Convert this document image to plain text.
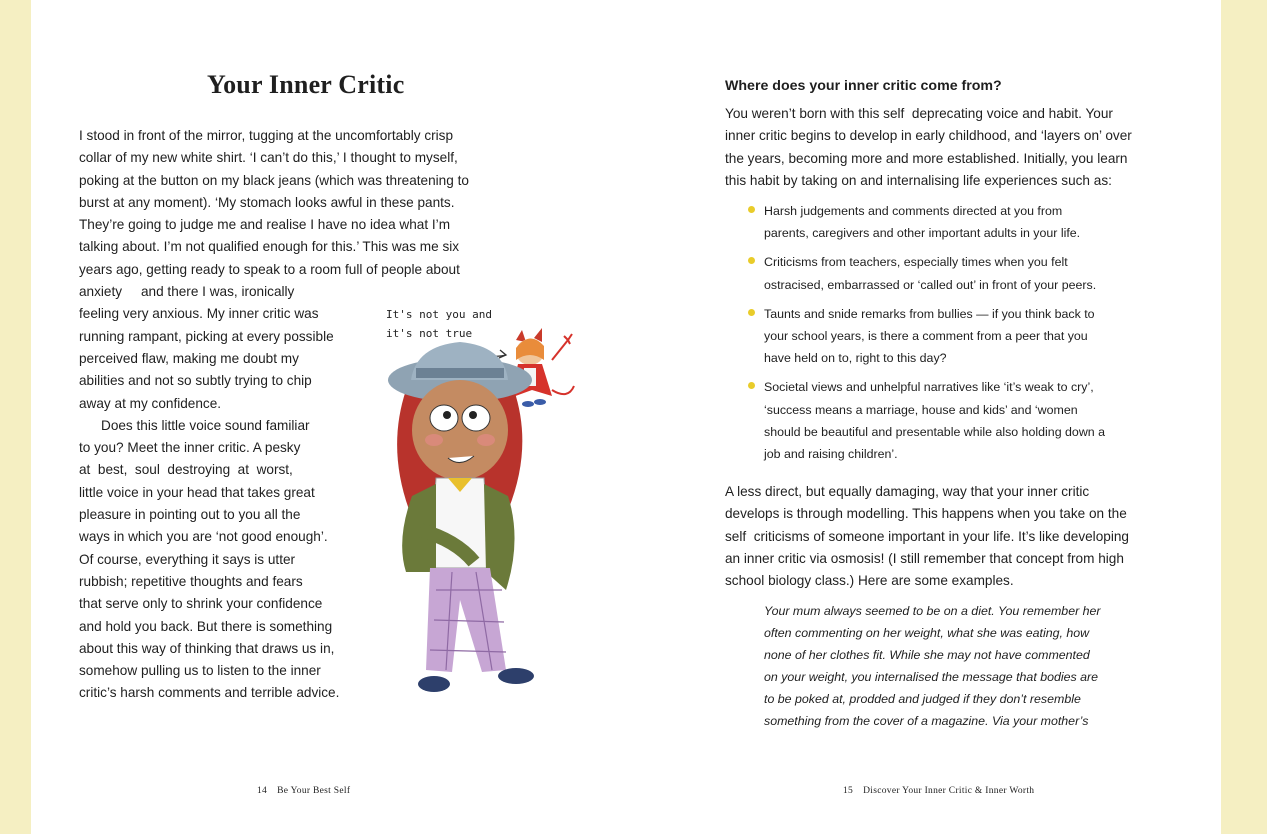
Your Inner Critic
I stood in front of the mirror, tugging at the uncomfortably crisp
collar of my new white shirt. ‘I can’t do this,’ I thought to myself,
poking at the button on my black jeans (which was threatening to
burst at any moment). ‘My stomach looks awful in these pants.
They’re going to judge me and realise I have no idea what I’m
talking about. I’m not qualified enough for this.’ This was me six
years ago, getting ready to speak to a room full of people about
anxiety     and there I was, ironically
feeling very anxious. My inner critic was
running rampant, picking at every possible
perceived flaw, making me doubt my
abilities and not so subtly trying to chip
away at my confidence.
Does this little voice sound familiar
to you? Meet the inner critic. A pesky
at  best,  soul  destroying  at  worst,
little voice in your head that takes great
pleasure in pointing out to you all the
ways in which you are ‘not good enough’.
Of course, everything it says is utter
rubbish; repetitive thoughts and fears
that serve only to shrink your confidence
and hold you back. But there is something
about this way of thinking that draws us in,
somehow pulling us to listen to the inner
critic’s harsh comments and terrible advice.
It's not you and
it's not true
14 Be Your Best Self
Where does your inner critic come from?
You weren’t born with this self  deprecating voice and habit. Your
inner critic begins to develop in early childhood, and ‘layers on’ over
the years, becoming more and more established. Initially, you learn
this habit by taking on and internalising life experiences such as:
Harsh judgements and comments directed at you from
parents, caregivers and other important adults in your life.
Criticisms from teachers, especially times when you felt
ostracised, embarrassed or ‘called out’ in front of your peers.
Taunts and snide remarks from bullies — if you think back to
your school years, is there a comment from a peer that you
have held on to, right to this day?
Societal views and unhelpful narratives like ‘it’s weak to cry’,
‘success means a marriage, house and kids’ and ‘women
should be beautiful and presentable while also holding down a
job and raising children’.
A less direct, but equally damaging, way that your inner critic
develops is through modelling. This happens when you take on the
self  criticisms of someone important in your life. It’s like developing
an inner critic via osmosis! (I still remember that concept from high
school biology class.) Here are some examples.
Your mum always seemed to be on a diet. You remember her
often commenting on her weight, what she was eating, how
none of her clothes fit. While she may not have commented
on your weight, you internalised the message that bodies are
to be poked at, prodded and judged if they don’t resemble
something from the cover of a magazine. Via your mother’s
15 Discover Your Inner Critic & Inner Worth
